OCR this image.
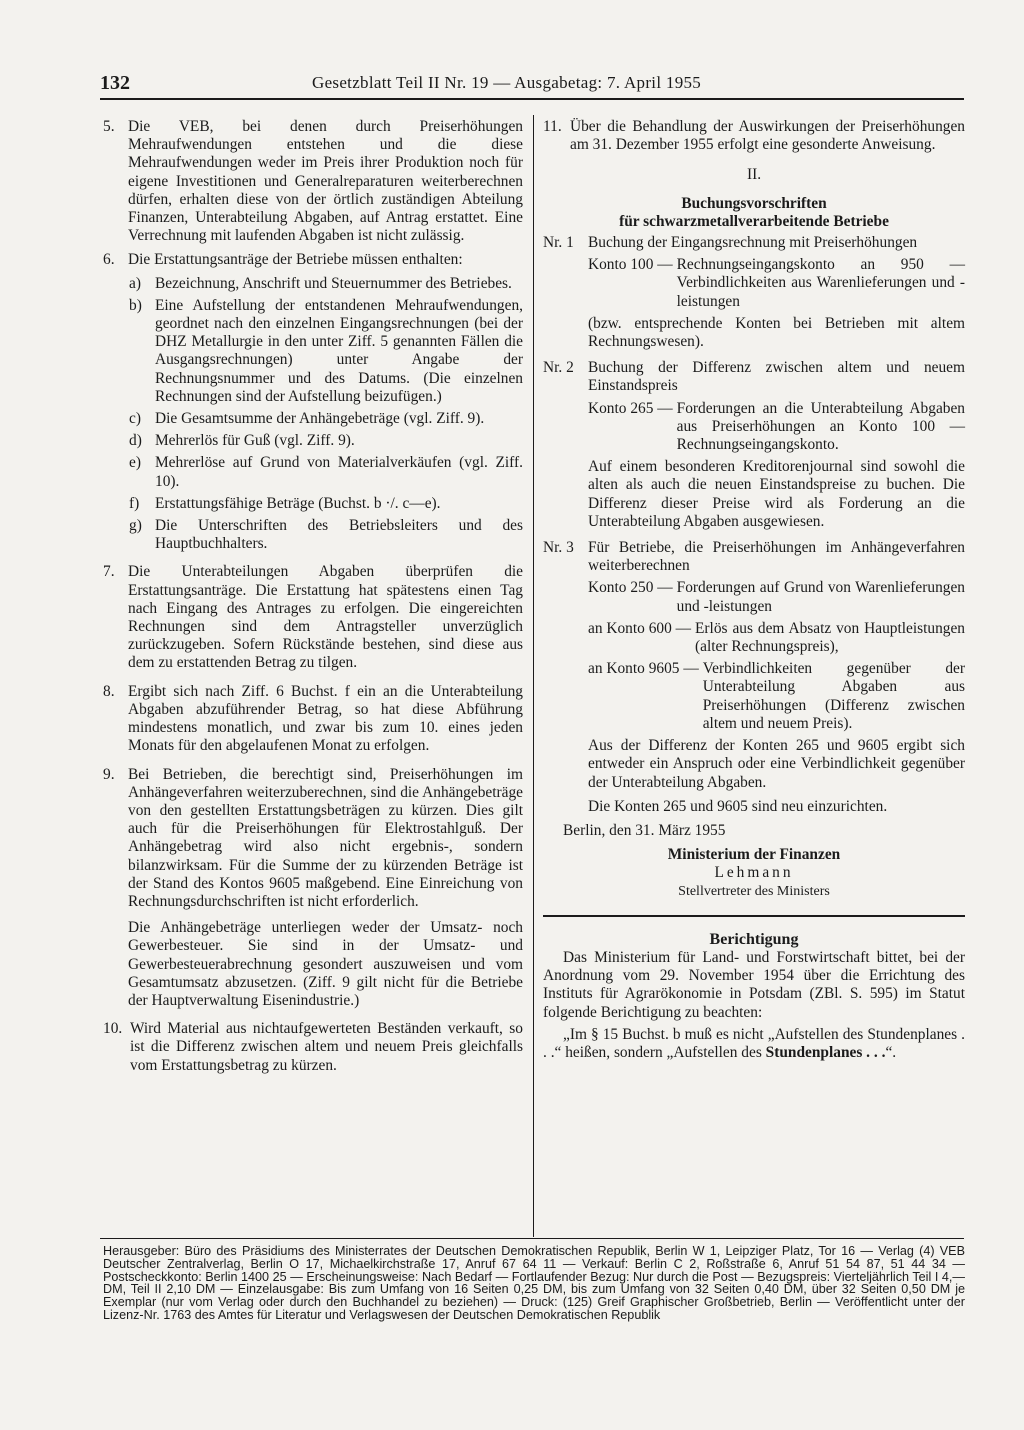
132	Gesetzblatt Teil II Nr. 19 — Ausgabetag: 7. April 1955
5. Die VEB, bei denen durch Preiserhöhungen Mehraufwendungen entstehen und die diese Mehraufwendungen weder im Preis ihrer Produktion noch für eigene Investitionen und Generalreparaturen weiterberechnen dürfen, erhalten diese von der örtlich zuständigen Abteilung Finanzen, Unterabteilung Abgaben, auf Antrag erstattet. Eine Verrechnung mit laufenden Abgaben ist nicht zulässig.

6. Die Erstattungsanträge der Betriebe müssen enthalten:

a) Bezeichnung, Anschrift und Steuernummer des Betriebes.

b) Eine Aufstellung der entstandenen Mehraufwendungen, geordnet nach den einzelnen Eingangsrechnungen (bei der DHZ Metallurgie in den unter Ziff. 5 genannten Fällen die Ausgangsrechnungen) unter Angabe der Rechnungsnummer und des Datums. (Die einzelnen Rechnungen sind der Aufstellung beizufügen.)

c) Die Gesamtsumme der Anhängebeträge (vgl. Ziff. 9).

d) Mehrerlös für Guß (vgl. Ziff. 9).

e) Mehrerlöse auf Grund von Materialverkäufen (vgl. Ziff. 10).

f) Erstattungsfähige Beträge (Buchst. b ·/. c—e).

g) Die Unterschriften des Betriebsleiters und des Hauptbuchhalters.

7. Die Unterabteilungen Abgaben überprüfen die Erstattungsanträge. Die Erstattung hat spätestens einen Tag nach Eingang des Antrages zu erfolgen. Die eingereichten Rechnungen sind dem Antragsteller unverzüglich zurückzugeben. Sofern Rückstände bestehen, sind diese aus dem zu erstattenden Betrag zu tilgen.

8. Ergibt sich nach Ziff. 6 Buchst. f ein an die Unterabteilung Abgaben abzuführender Betrag, so hat diese Abführung mindestens monatlich, und zwar bis zum 10. eines jeden Monats für den abgelaufenen Monat zu erfolgen.

9. Bei Betrieben, die berechtigt sind, Preiserhöhungen im Anhängeverfahren weiterzuberechnen, sind die Anhängebeträge von den gestellten Erstattungsbeträgen zu kürzen. Dies gilt auch für die Preiserhöhungen für Elektrostahlguß. Der Anhängebetrag wird also nicht ergebnis-, sondern bilanzwirksam. Für die Summe der zu kürzenden Beträge ist der Stand des Kontos 9605 maßgebend. Eine Einreichung von Rechnungsdurchschriften ist nicht erforderlich.

Die Anhängebeträge unterliegen weder der Umsatz- noch Gewerbesteuer. Sie sind in der Umsatz- und Gewerbesteuerabrechnung gesondert auszuweisen und vom Gesamtumsatz abzusetzen. (Ziff. 9 gilt nicht für die Betriebe der Hauptverwaltung Eisenindustrie.)

10. Wird Material aus nichtaufgewerteten Beständen verkauft, so ist die Differenz zwischen altem und neuem Preis gleichfalls vom Erstattungsbetrag zu kürzen.

11. Über die Behandlung der Auswirkungen der Preiserhöhungen am 31. Dezember 1955 erfolgt eine gesonderte Anweisung.

II.

Buchungsvorschriften

für schwarzmetallverarbeitende Betriebe

Nr. 1 Buchung der Eingangsrechnung mit Preiserhöhungen

Konto 100 — Rechnungseingangskonto an 950 — Verbindlichkeiten aus Warenlieferungen und -leistungen

(bzw. entsprechende Konten bei Betrieben mit altem Rechnungswesen).

Nr. 2 Buchung der Differenz zwischen altem und neuem Einstandspreis

Konto 265 — Forderungen an die Unterabteilung Abgaben aus Preiserhöhungen an Konto 100 — Rechnungseingangskonto.

Auf einem besonderen Kreditorenjournal sind sowohl die alten als auch die neuen Einstandspreise zu buchen. Die Differenz dieser Preise wird als Forderung an die Unterabteilung Abgaben ausgewiesen.

Nr. 3 Für Betriebe, die Preiserhöhungen im Anhängeverfahren weiterberechnen

Konto 250 — Forderungen auf Grund von Warenlieferungen und -leistungen
an Konto 600 — Erlös aus dem Absatz von Hauptleistungen (alter Rechnungspreis),
an Konto 9605 — Verbindlichkeiten gegenüber der Unterabteilung Abgaben aus Preiserhöhungen (Differenz zwischen altem und neuem Preis).

Aus der Differenz der Konten 265 und 9605 ergibt sich entweder ein Anspruch oder eine Verbindlichkeit gegenüber der Unterabteilung Abgaben.

Die Konten 265 und 9605 sind neu einzurichten.

Berlin, den 31. März 1955

Ministerium der Finanzen

Lehmann

Stellvertreter des Ministers

Berichtigung

Das Ministerium für Land- und Forstwirtschaft bittet, bei der Anordnung vom 29. November 1954 über die Errichtung des Instituts für Agrarökonomie in Potsdam (ZBl. S. 595) im Statut folgende Berichtigung zu beachten:

„Im § 15 Buchst. b muß es nicht „Aufstellen des Stundenplanes . . .“ heißen, sondern „Aufstellen des Stundenplanes . . .“.

Herausgeber: Büro des Präsidiums des Ministerrates der Deutschen Demokratischen Republik, Berlin W 1, Leipziger Platz, Tor 16 — Verlag (4) VEB Deutscher Zentralverlag, Berlin O 17, Michaelkirchstraße 17, Anruf 67 64 11 — Verkauf: Berlin C 2, Roßstraße 6, Anruf 51 54 87, 51 44 34 — Postscheckkonto: Berlin 1400 25 — Erscheinungsweise: Nach Bedarf — Fortlaufender Bezug: Nur durch die Post — Bezugspreis: Vierteljährlich Teil I 4,— DM, Teil II 2,10 DM — Einzelausgabe: Bis zum Umfang von 16 Seiten 0,25 DM, bis zum Umfang von 32 Seiten 0,40 DM, über 32 Seiten 0,50 DM je Exemplar (nur vom Verlag oder durch den Buchhandel zu beziehen) — Druck: (125) Greif Graphischer Großbetrieb, Berlin — Veröffentlicht unter der Lizenz-Nr. 1763 des Amtes für Literatur und Verlagswesen der Deutschen Demokratischen Republik
